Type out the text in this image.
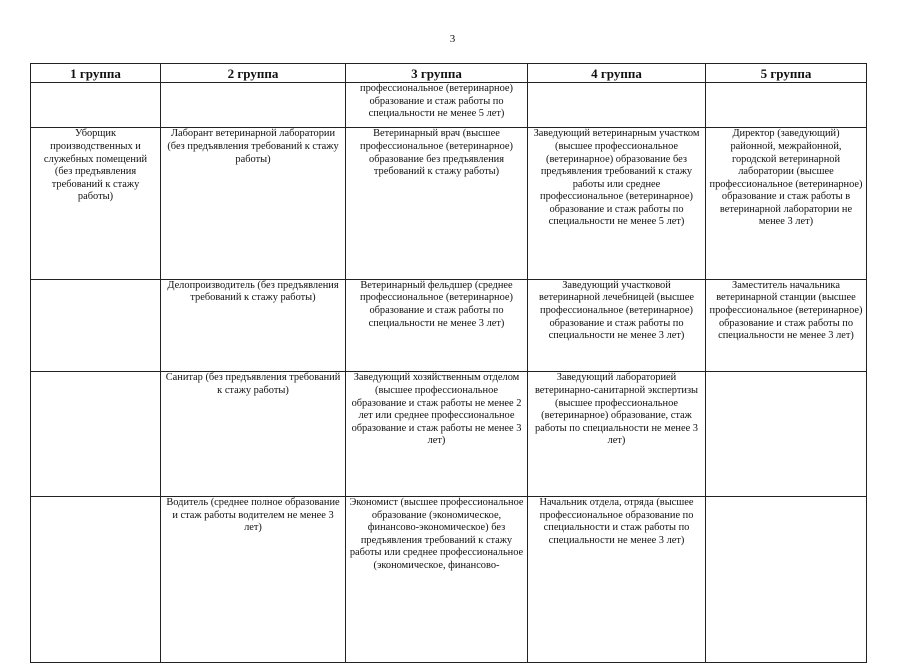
3
1 группа	2 группа	3 группа	4 группа	5 группа
		профессиональное (ветеринарное) образование и стаж работы по специальности не менее 5 лет)		
Уборщик производственных и служебных помещений (без предъявления требований к стажу работы)	Лаборант ветеринарной лаборатории (без предъявления требований к стажу работы)	Ветеринарный врач (высшее профессиональное (ветеринарное) образование без предъявления требований к стажу работы)	Заведующий ветеринарным участком (высшее профессиональное (ветеринарное) образование без предъявления требований к стажу работы или среднее профессиональное (ветеринарное) образование и стаж работы по специальности не менее 5 лет)	Директор (заведующий) районной, межрайонной, городской ветеринарной лаборатории (высшее профессиональное (ветеринарное) образование и стаж работы в ветеринарной лаборатории не менее 3 лет)
	Делопроизводитель (без предъявления требований к стажу работы)	Ветеринарный фельдшер (среднее профессиональное (ветеринарное) образование и стаж работы по специальности не менее 3 лет)	Заведующий участковой ветеринарной лечебницей (высшее профессиональное (ветеринарное) образование и стаж работы по специальности не менее 3 лет)	Заместитель начальника ветеринарной станции (высшее профессиональное (ветеринарное) образование и стаж работы по специальности не менее 3 лет)
	Санитар (без предъявления требований к стажу работы)	Заведующий хозяйственным отделом (высшее профессиональное образование и стаж работы не менее 2 лет или среднее профессиональное образование и стаж работы не менее 3 лет)	Заведующий лабораторией ветеринарно-санитарной экспертизы (высшее профессиональное (ветеринарное) образование, стаж работы по специальности не менее 3 лет)	
	Водитель (среднее полное образование и стаж работы водителем не менее 3 лет)	Экономист (высшее профессиональное образование (экономическое, финансово-экономическое) без предъявления требований к стажу работы или среднее профессиональное (экономическое, финансово-	Начальник отдела, отряда (высшее профессиональное образование по специальности и стаж работы по специальности не менее 3 лет)	
